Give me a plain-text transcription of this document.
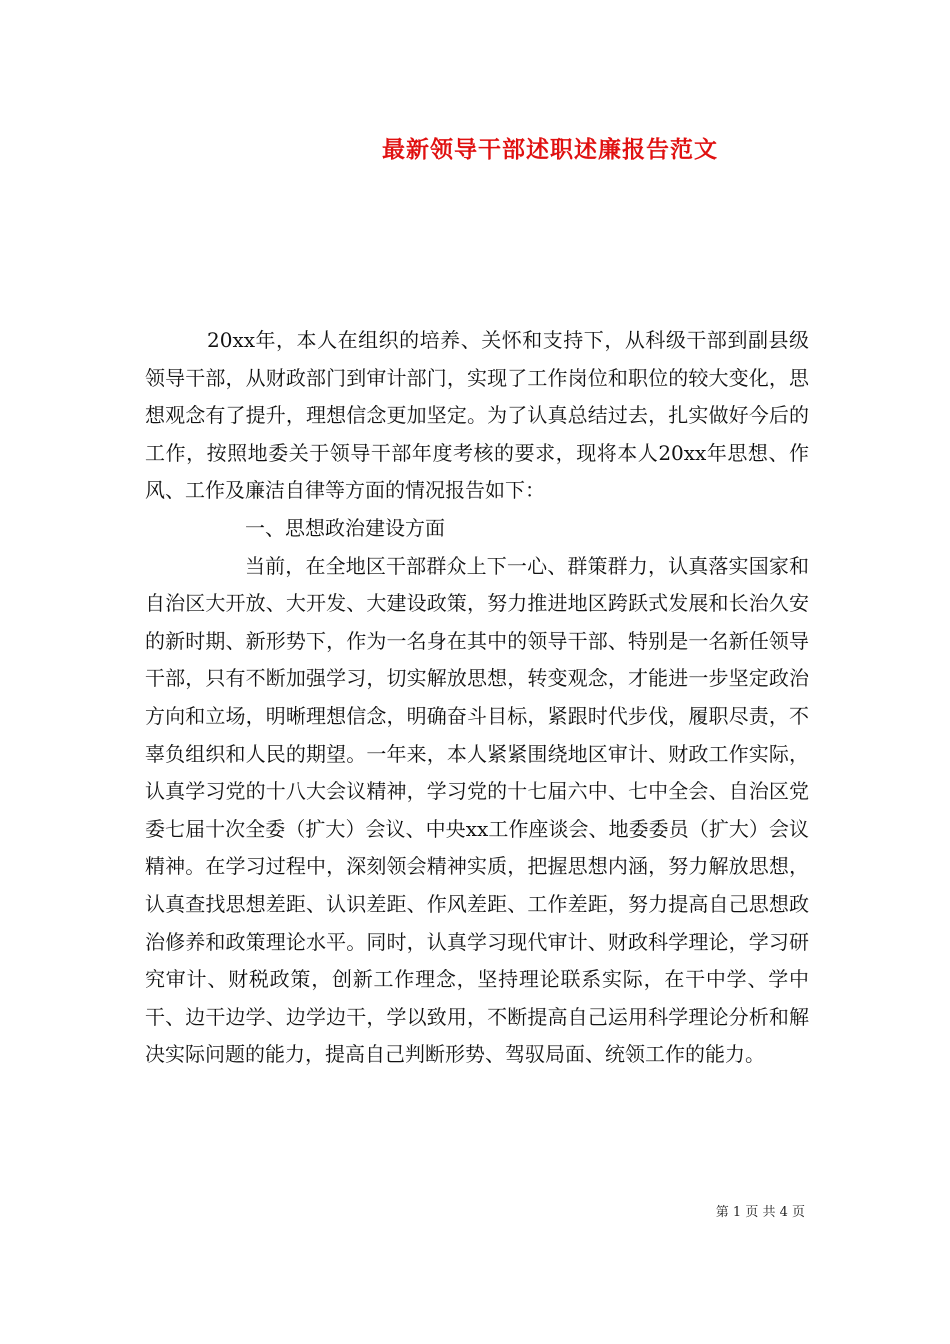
最新领导干部述职述廉报告范文

20xx年，本人在组织的培养、关怀和支持下，从科级干部到副县级领导干部，从财政部门到审计部门，实现了工作岗位和职位的较大变化，思想观念有了提升，理想信念更加坚定。为了认真总结过去，扎实做好今后的工作，按照地委关于领导干部年度考核的要求，现将本人20xx年思想、作风、工作及廉洁自律等方面的情况报告如下：

一、思想政治建设方面

当前，在全地区干部群众上下一心、群策群力，认真落实国家和自治区大开放、大开发、大建设政策，努力推进地区跨跃式发展和长治久安的新时期、新形势下，作为一名身在其中的领导干部、特别是一名新任领导干部，只有不断加强学习，切实解放思想，转变观念，才能进一步坚定政治方向和立场，明晰理想信念，明确奋斗目标，紧跟时代步伐，履职尽责，不辜负组织和人民的期望。一年来，本人紧紧围绕地区审计、财政工作实际，认真学习党的十八大会议精神，学习党的十七届六中、七中全会、自治区党委七届十次全委（扩大）会议、中央xx工作座谈会、地委委员（扩大）会议精神。在学习过程中，深刻领会精神实质，把握思想内涵，努力解放思想，认真查找思想差距、认识差距、作风差距、工作差距，努力提高自己思想政治修养和政策理论水平。同时，认真学习现代审计、财政科学理论，学习研究审计、财税政策，创新工作理念，坚持理论联系实际，在干中学、学中干、边干边学、边学边干，学以致用，不断提高自己运用科学理论分析和解决实际问题的能力，提高自己判断形势、驾驭局面、统领工作的能力。

第 1 页 共 4 页
